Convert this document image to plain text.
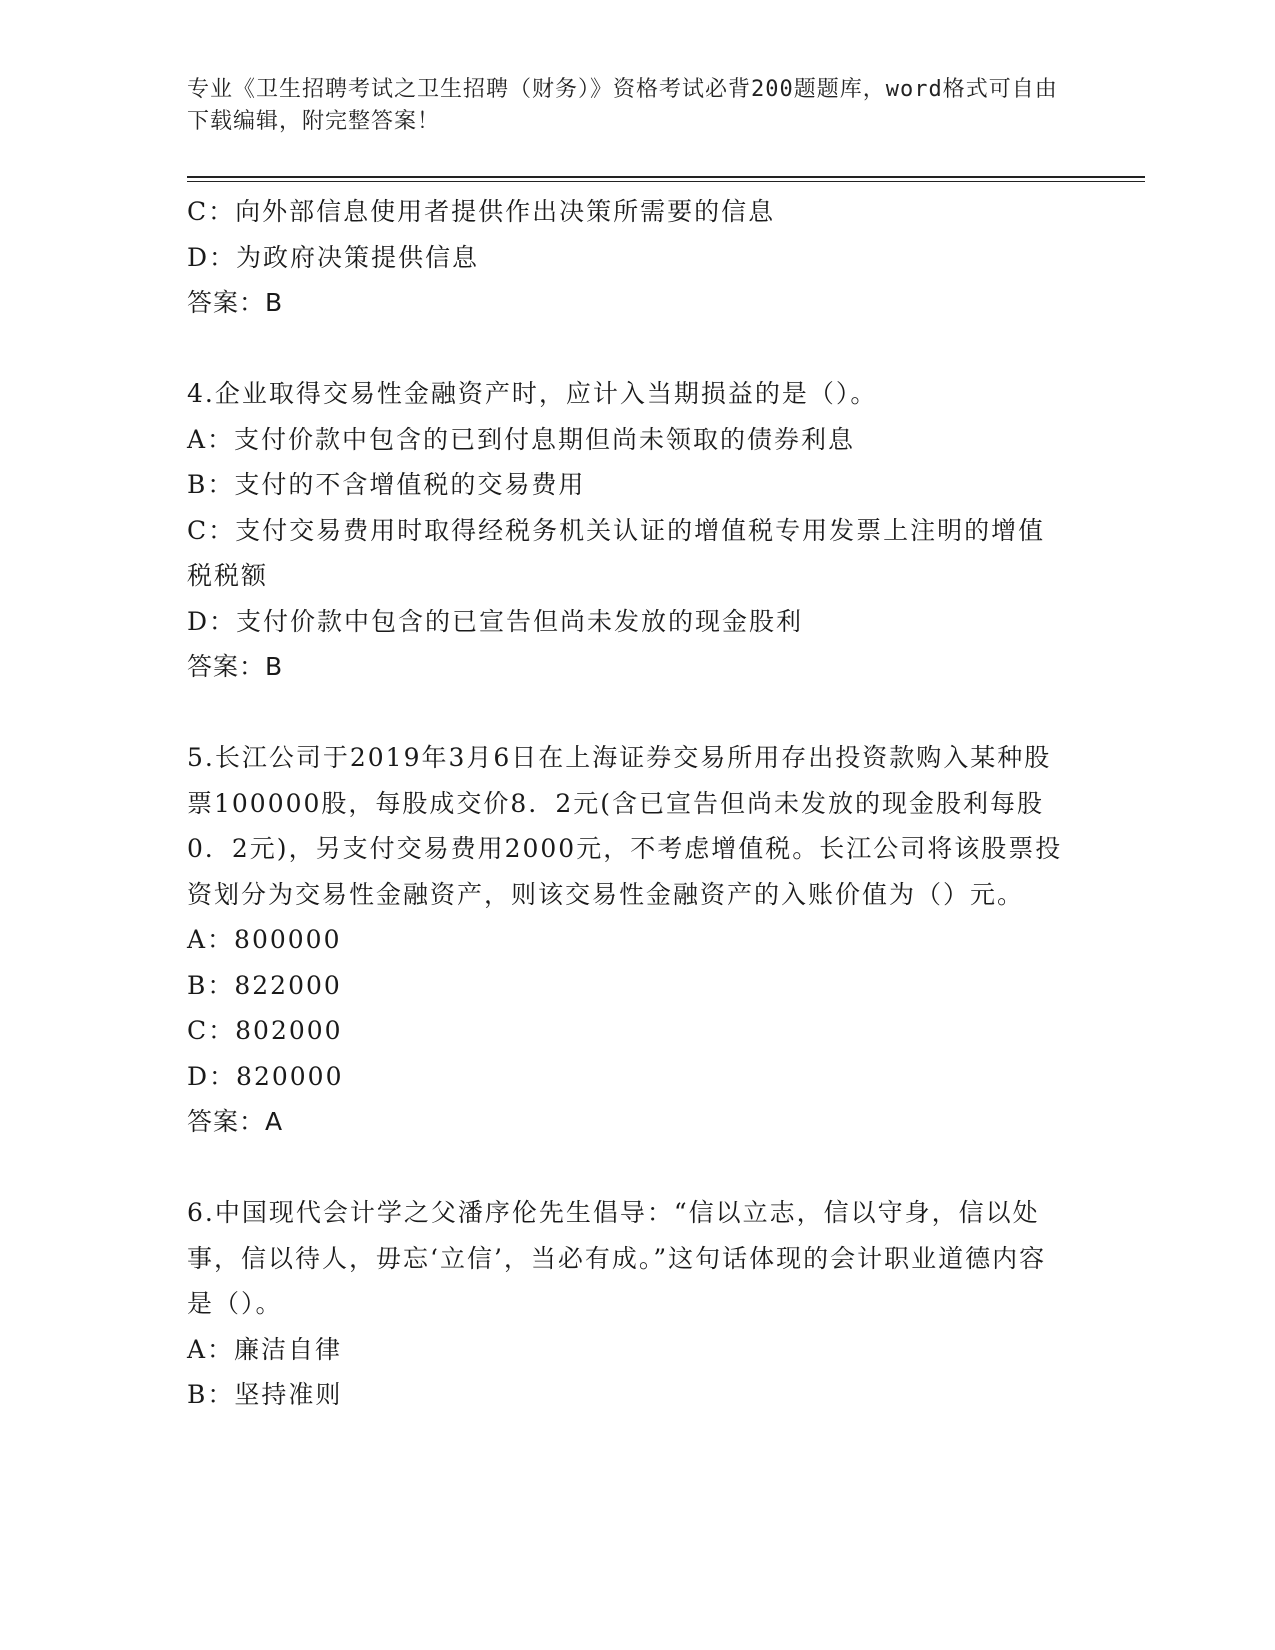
专业《卫生招聘考试之卫生招聘（财务）》资格考试必背200题题库，word格式可自由下载编辑，附完整答案！

C：向外部信息使用者提供作出决策所需要的信息

D：为政府决策提供信息

答案：B

4.企业取得交易性金融资产时，应计入当期损益的是（）。

A：支付价款中包含的已到付息期但尚未领取的债券利息

B：支付的不含增值税的交易费用

C：支付交易费用时取得经税务机关认证的增值税专用发票上注明的增值税税额

D：支付价款中包含的已宣告但尚未发放的现金股利

答案：B

5.长江公司于2019年3月6日在上海证券交易所用存出投资款购入某种股票100000股，每股成交价8．2元(含已宣告但尚未发放的现金股利每股0．2元)，另支付交易费用2000元，不考虑增值税。长江公司将该股票投资划分为交易性金融资产，则该交易性金融资产的入账价值为（）元。

A：800000

B：822000

C：802000

D：820000

答案：A

6.中国现代会计学之父潘序伦先生倡导：“信以立志，信以守身，信以处事，信以待人，毋忘‘立信’，当必有成。”这句话体现的会计职业道德内容是（）。

A：廉洁自律

B：坚持准则
